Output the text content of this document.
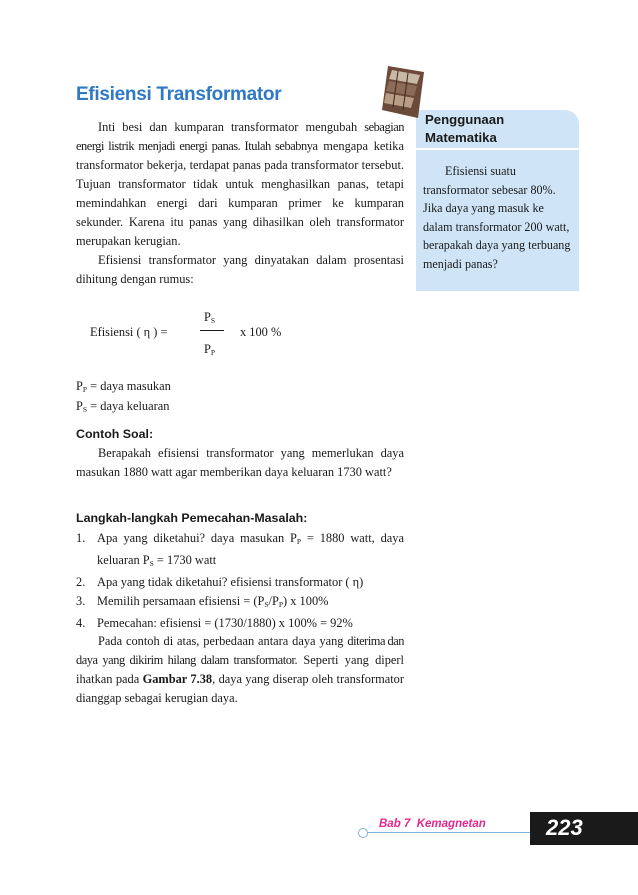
Efisiensi Transformator

Inti besi dan kumparan transformator mengubah sebagian energi listrik menjadi energi panas. Itulah sebabnya mengapa ketika transformator bekerja, terdapat panas pada transformator tersebut. Tujuan transformator tidak untuk menghasilkan panas, tetapi memindahkan energi dari kumparan primer ke kumparan sekunder. Karena itu panas yang dihasilkan oleh transformator merupakan kerugian.

Efisiensi transformator yang dinyatakan dalam prosentasi dihitung dengan rumus:

Efisiensi ( η ) =
$P_S$
$P_P$
x 100 %
$P_P$ = daya masukan
$P_S$ = daya keluaran
Contoh Soal:

Berapakah efisiensi transformator yang memerlukan daya masukan 1880 watt agar memberikan daya keluaran 1730 watt?

Langkah-langkah Pemecahan-Masalah:
1. Apa yang diketahui? daya masukan $P_P = 1880$ watt, daya keluaran $P_S = 1730$ watt
2. Apa yang tidak diketahui? efisiensi transformator ( η)
3. Memilih persamaan efisiensi = $(P_S/P_P)$ x 100%
4. Pemecahan: efisiensi = (1730/1880) x 100% = 92%

Pada contoh di atas, perbedaan antara daya yang diterima dan daya yang dikirim hilang dalam transformator. Seperti yang diperl ihatkan pada Gambar 7.38, daya yang diserap oleh transformator dianggap sebagai kerugian daya.

Penggunaan Matematika

Efisiensi suatu transformator sebesar 80%. Jika daya yang masuk ke dalam transformator 200 watt, berapakah daya yang terbuang menjadi panas?

Bab 7 Kemagnetan	223
